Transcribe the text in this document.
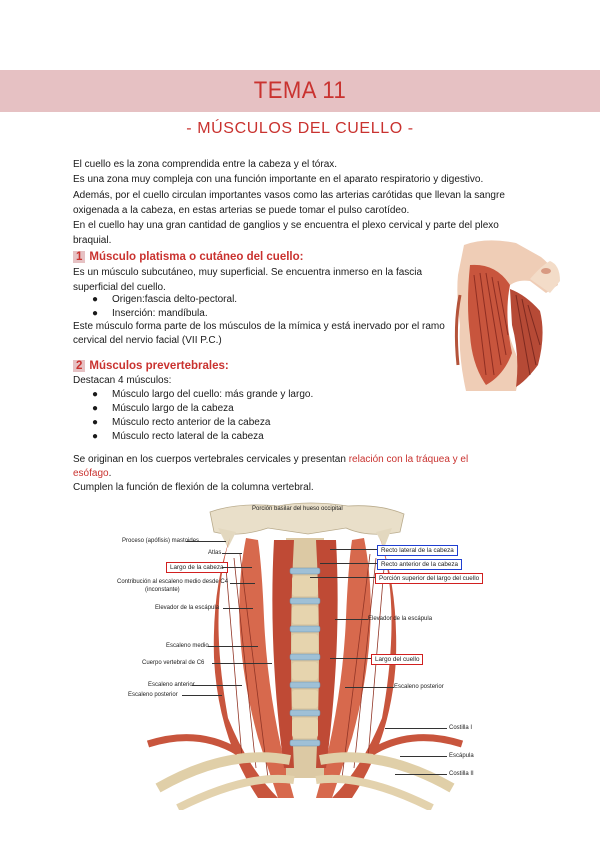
TEMA 11
- MÚSCULOS DEL CUELLO -
El cuello es la zona comprendida entre la cabeza y el tórax.
Es una zona muy compleja con una función importante en el aparato respiratorio y digestivo.
Además, por el cuello circulan importantes vasos como las arterias carótidas que llevan la sangre
oxigenada a la cabeza, en estas arterias se puede tomar el pulso carotídeo.
En el cuello hay una gran cantidad de ganglios y se encuentra el plexo cervical y parte del plexo
braquial.
1 Músculo platisma o cutáneo del cuello:
Es un músculo subcutáneo, muy superficial. Se encuentra inmerso en la fascia
superficial del cuello.
● Origen:fascia delto-pectoral.
● Inserción: mandíbula.
Este músculo forma parte de los músculos de la mímica y está inervado por el ramo
cervical del nervio facial (VII P.C.)
2 Músculos prevertebrales:
Destacan 4 músculos:
● Músculo largo del cuello: más grande y largo.
● Músculo largo de la cabeza
● Músculo recto anterior de la cabeza
● Músculo recto lateral de la cabeza
Se originan en los cuerpos vertebrales cervicales y presentan relación con la tráquea y el
esófago.
Cumplen la función de flexión de la columna vertebral.
Porción basilar del hueso occipital
Proceso (apófisis) mastoides
Atlas
Largo de la cabeza
Contribución al escaleno medio desde C4
(inconstante)
Elevador de la escápula
Escaleno medio
Cuerpo vertebral de C6
Escaleno anterior
Escaleno posterior
Recto lateral de la cabeza
Recto anterior de la cabeza
Porción superior del largo del cuello
Elevador de la escápula
Largo del cuello
Escaleno posterior
Costilla I
Escápula
Costilla II
